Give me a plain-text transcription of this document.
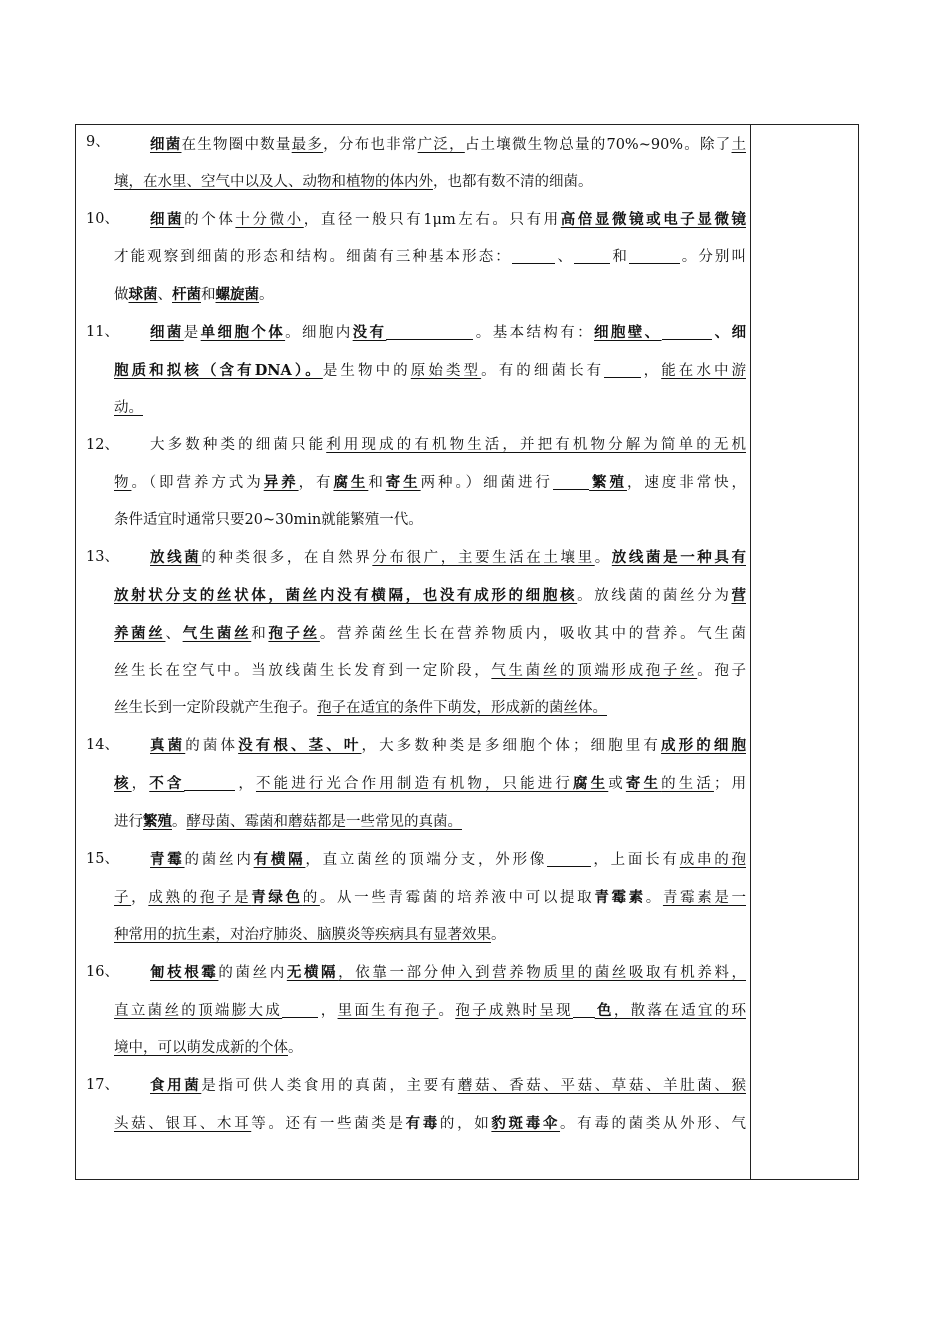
9、	细菌在生物圈中数量最多，分布也非常广泛，占土壤微生物总量的70%~90%。除了土
壤，在水里、空气中以及人、动物和植物的体内外，也都有数不清的细菌。
10、	细菌的个体十分微小，直径一般只有1μm左右。只有用高倍显微镜或电子显微镜
才能观察到细菌的形态和结构。细菌有三种基本形态：	、	和	。分别叫
做球菌、杆菌和螺旋菌。
11、	细菌是单细胞个体。细胞内没有	。基本结构有：细胞壁、	、细
胞质和拟核（含有DNA）。是生物中的原始类型。有的细菌长有	，能在水中游
动。
12、	大多数种类的细菌只能利用现成的有机物生活，并把有机物分解为简单的无机
物。（即营养方式为异养，有腐生和寄生两种。）细菌进行	繁殖，速度非常快，
条件适宜时通常只要20~30min就能繁殖一代。
13、	放线菌的种类很多，在自然界分布很广，主要生活在土壤里。放线菌是一种具有
放射状分支的丝状体，菌丝内没有横隔，也没有成形的细胞核。放线菌的菌丝分为营
养菌丝、气生菌丝和孢子丝。营养菌丝生长在营养物质内，吸收其中的营养。气生菌
丝生长在空气中。当放线菌生长发育到一定阶段，气生菌丝的顶端形成孢子丝。孢子
丝生长到一定阶段就产生孢子。孢子在适宜的条件下萌发，形成新的菌丝体。
14、	真菌的菌体没有根、茎、叶，大多数种类是多细胞个体；细胞里有成形的细胞
核，不含	，不能进行光合作用制造有机物，只能进行腐生或寄生的生活；用
进行繁殖。酵母菌、霉菌和蘑菇都是一些常见的真菌。
15、	青霉的菌丝内有横隔，直立菌丝的顶端分支，外形像	，上面长有成串的孢
子，成熟的孢子是青绿色的。从一些青霉菌的培养液中可以提取青霉素。青霉素是一
种常用的抗生素，对治疗肺炎、脑膜炎等疾病具有显著效果。
16、	匍枝根霉的菌丝内无横隔，依靠一部分伸入到营养物质里的菌丝吸取有机养料，
直立菌丝的顶端膨大成	，里面生有孢子。孢子成熟时呈现 色，散落在适宜的环
境中，可以萌发成新的个体。
17、	食用菌是指可供人类食用的真菌，主要有蘑菇、香菇、平菇、草菇、羊肚菌、猴
头菇、银耳、木耳等。还有一些菌类是有毒的，如豹斑毒伞。有毒的菌类从外形、气
